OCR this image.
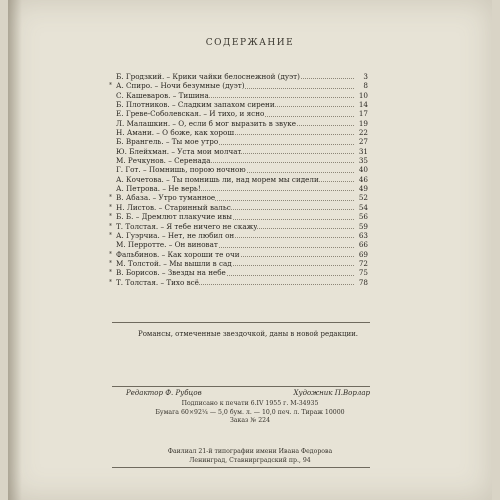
СОДЕРЖАНИЕ
Б. Гродзкий. – Крики чайки белоснежной (дуэт)	3
* А. Спиро. – Ночи безумные (дуэт)	8
С. Кашеваров. – Тишина	10
Б. Плотников. – Сладким запахом сирени	14
Е. Греве-Соболевская. – И тихо, и ясно	17
Л. Малашкин. – О, если б мог выразить в звуке	19
Н. Амани. – О боже, как хорош	22
Б. Врангель. – Ты мое утро	27
Ю. Блейхман. – Уста мои молчат	31
М. Речкунов. – Серенада	35
Г. Гот. – Помнишь, порою ночною	40
А. Кочетова. – Ты помнишь ли, над морем мы сидели	46
А. Петрова. – Не верь!	49
* В. Абаза. – Утро туманное	52
* Н. Листов. – Старинный вальс	54
* Б. Б. – Дремлют плакучие ивы	56
* Т. Толстая. – Я тебе ничего не скажу	59
* А. Гуэрчиа. – Нет, не любил он	63
М. Перротте. – Он виноват	66
* Фальбинов. – Как хороши те очи	69
* М. Толстой. – Мы вышли в сад	72
* В. Борисов. – Звезды на небе	75
* Т. Толстая. – Тихо всё	78
Романсы, отмеченные звездочкой, даны в новой редакции.
Редактор Ф. Рубцов	Художник П.Ворлар
Подписано к печати 6.IV 1955 г. М-34935
Бумага 60×92¼ — 5,0 бум. л. — 10,0 печ. л. Тираж 10000
Заказ № 224
Фаилиал 21-й типографии имени Ивана Федорова
Ленинград, Ставнирградский пр., 94
